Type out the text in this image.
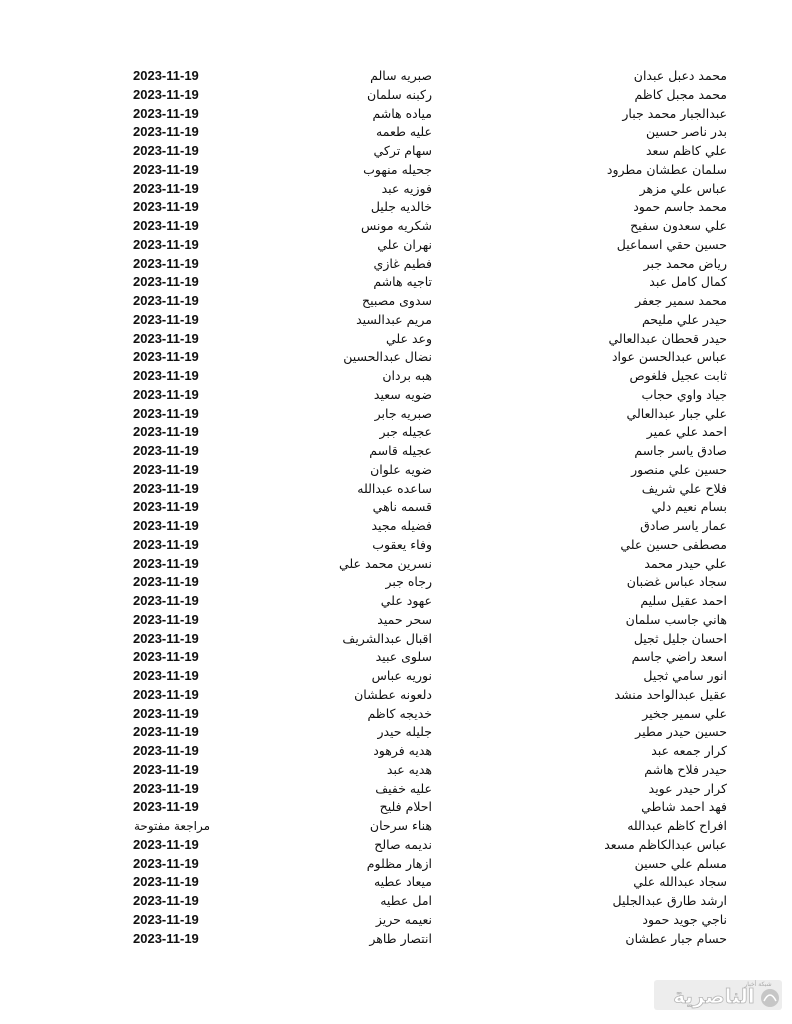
محمد دعبل عبدان
صبريه سالم
2023-11-19
محمد مجبل كاظم
ركبنه سلمان
2023-11-19
عبدالجبار محمد جبار
مياده هاشم
2023-11-19
بدر ناصر حسين
عليه طعمه
2023-11-19
علي كاظم سعد
سهام تركي
2023-11-19
سلمان عطشان مطرود
جحيله منهوب
2023-11-19
عباس علي مزهر
فوزيه عبد
2023-11-19
محمد جاسم حمود
خالديه جليل
2023-11-19
علي سعدون سفيح
شكريه مونس
2023-11-19
حسين حقي اسماعيل
نهران علي
2023-11-19
رياض محمد جبر
فطيم غازي
2023-11-19
كمال كامل عبد
تاجيه هاشم
2023-11-19
محمد سمير جعفر
سدوى مصبيح
2023-11-19
حيدر علي مليحم
مريم عبدالسيد
2023-11-19
حيدر قحطان عبدالعالي
وعد علي
2023-11-19
عباس عبدالحسن عواد
نضال عبدالحسين
2023-11-19
ثابت عجيل فلغوص
هبه بردان
2023-11-19
جياد واوي حجاب
ضويه سعيد
2023-11-19
علي جبار عبدالعالي
صبريه جابر
2023-11-19
احمد علي عمير
عجيله جبر
2023-11-19
صادق ياسر جاسم
عجيله قاسم
2023-11-19
حسين علي منصور
ضويه علوان
2023-11-19
فلاح علي شريف
ساعده عبدالله
2023-11-19
بسام نعيم دلي
قسمه ناهي
2023-11-19
عمار ياسر صادق
فضيله مجيد
2023-11-19
مصطفى حسين علي
وفاء يعقوب
2023-11-19
علي حيدر محمد
نسرين محمد علي
2023-11-19
سجاد عباس غضبان
رجاه جبر
2023-11-19
احمد عقيل سليم
عهود علي
2023-11-19
هاني جاسب سلمان
سحر حميد
2023-11-19
احسان جليل ثجيل
اقبال عبدالشريف
2023-11-19
اسعد راضي جاسم
سلوى عبيد
2023-11-19
انور سامي ثجيل
نوريه عباس
2023-11-19
عقيل عبدالواحد منشد
دلعونه عطشان
2023-11-19
علي سمير جخير
خديجه كاظم
2023-11-19
حسين حيدر مطير
جليله حيدر
2023-11-19
كرار جمعه عبد
هديه فرهود
2023-11-19
حيدر فلاح هاشم
هديه عبد
2023-11-19
كرار حيدر عويد
عليه خفيف
2023-11-19
فهد احمد شاطي
احلام فليح
2023-11-19
افراح كاظم عبدالله
هناء سرحان
مراجعة مفتوحة
عباس عبدالكاظم مسعد
نديمه صالح
2023-11-19
مسلم علي حسين
ازهار مظلوم
2023-11-19
سجاد عبدالله علي
ميعاد عطيه
2023-11-19
ارشد طارق عبدالجليل
امل عطيه
2023-11-19
ناجي جويد حمود
نعيمه حريز
2023-11-19
حسام جبار عطشان
انتصار طاهر
2023-11-19
الناصرية
شبكة أخبار
